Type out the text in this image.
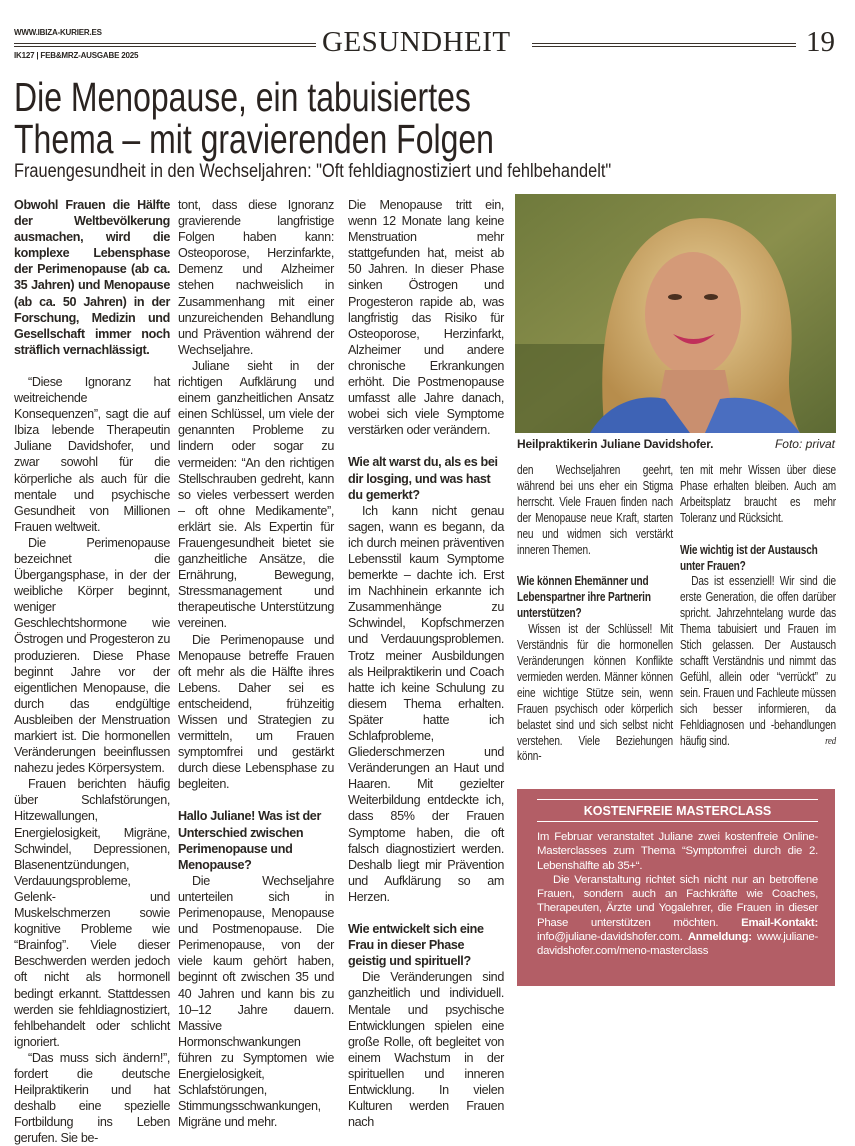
WWW.IBIZA-KURIER.ES
IK127 | FEB&MRZ-AUSGABE 2025	GESUNDHEIT	19
Die Menopause, ein tabuisiertes
Thema – mit gravierenden Folgen
Frauengesundheit in den Wechseljahren: "Oft fehldiagnostiziert und fehlbehandelt"

Obwohl Frauen die Hälfte der Weltbevölkerung ausmachen, wird die komplexe Lebensphase der Perimenopause (ab ca. 35 Jahren) und Menopause (ab ca. 50 Jahren) in der Forschung, Medizin und Gesellschaft immer noch sträflich vernachlässigt.

“Diese Ignoranz hat weitreichende Konsequenzen”, sagt die auf Ibiza lebende Therapeutin Juliane Davidshofer, und zwar sowohl für die körperliche als auch für die mentale und psychische Gesundheit von Millionen Frauen weltweit.

Die Perimenopause bezeichnet die Übergangsphase, in der der weibliche Körper beginnt, weniger Geschlechtshormone wie Östrogen und Progesteron zu produzieren. Diese Phase beginnt Jahre vor der eigentlichen Menopause, die durch das endgültige Ausbleiben der Menstruation markiert ist. Die hormonellen Veränderungen beeinflussen nahezu jedes Körpersystem.

Frauen berichten häufig über Schlafstörungen, Hitzewallungen, Energielosigkeit, Migräne, Schwindel, Depressionen, Blasenentzündungen, Verdauungsprobleme, Gelenk- und Muskelschmerzen sowie kognitive Probleme wie “Brainfog”. Viele dieser Beschwerden werden jedoch oft nicht als hormonell bedingt erkannt. Stattdessen werden sie fehldiagnostiziert, fehlbehandelt oder schlicht ignoriert.

“Das muss sich ändern!”, fordert die deutsche Heilpraktikerin und hat deshalb eine spezielle Fortbildung ins Leben gerufen. Sie be-

tont, dass diese Ignoranz gravierende langfristige Folgen haben kann: Osteoporose, Herzinfarkte, Demenz und Alzheimer stehen nachweislich in Zusammenhang mit einer unzureichenden Behandlung und Prävention während der Wechseljahre.

Juliane sieht in der richtigen Aufklärung und einem ganzheitlichen Ansatz einen Schlüssel, um viele der genannten Probleme zu lindern oder sogar zu vermeiden: “An den richtigen Stellschrauben gedreht, kann so vieles verbessert werden – oft ohne Medikamente”, erklärt sie. Als Expertin für Frauengesundheit bietet sie ganzheitliche Ansätze, die Ernährung, Bewegung, Stressmanagement und therapeutische Unterstützung vereinen.

Die Perimenopause und Menopause betreffe Frauen oft mehr als die Hälfte ihres Lebens. Daher sei es entscheidend, frühzeitig Wissen und Strategien zu vermitteln, um Frauen symptomfrei und gestärkt durch diese Lebensphase zu begleiten.

Hallo Juliane! Was ist der Unterschied zwischen Perimenopause und Menopause?

Die Wechseljahre unterteilen sich in Perimenopause, Menopause und Postmenopause. Die Perimenopause, von der viele kaum gehört haben, beginnt oft zwischen 35 und 40 Jahren und kann bis zu 10–12 Jahre dauern. Massive Hormonschwankungen führen zu Symptomen wie Energielosigkeit, Schlafstörungen, Stimmungsschwankungen, Migräne und mehr.

Die Menopause tritt ein, wenn 12 Monate lang keine Menstruation mehr stattgefunden hat, meist ab 50 Jahren. In dieser Phase sinken Östrogen und Progesteron rapide ab, was langfristig das Risiko für Osteoporose, Herzinfarkt, Alzheimer und andere chronische Erkrankungen erhöht. Die Postmenopause umfasst alle Jahre danach, wobei sich viele Symptome verstärken oder verändern.

Wie alt warst du, als es bei dir losging, und was hast du gemerkt?

Ich kann nicht genau sagen, wann es begann, da ich durch meinen präventiven Lebensstil kaum Symptome bemerkte – dachte ich. Erst im Nachhinein erkannte ich Zusammenhänge zu Schwindel, Kopfschmerzen und Verdauungsproblemen. Trotz meiner Ausbildungen als Heilpraktikerin und Coach hatte ich keine Schulung zu diesem Thema erhalten. Später hatte ich Schlafprobleme, Gliederschmerzen und Veränderungen an Haut und Haaren. Mit gezielter Weiterbildung entdeckte ich, dass 85% der Frauen Symptome haben, die oft falsch diagnostiziert werden. Deshalb liegt mir Prävention und Aufklärung so am Herzen.

Wie entwickelt sich eine Frau in dieser Phase geistig und spirituell?

Die Veränderungen sind ganzheitlich und individuell. Mentale und psychische Entwicklungen spielen eine große Rolle, oft begleitet von einem Wachstum in der spirituellen und inneren Entwicklung. In vielen Kulturen werden Frauen nach

Heilpraktikerin Juliane Davidshofer.	Foto: privat

den Wechseljahren geehrt, während bei uns eher ein Stigma herrscht. Viele Frauen finden nach der Menopause neue Kraft, starten neu und widmen sich verstärkt inneren Themen.

Wie können Ehemänner und Lebenspartner ihre Partnerin unterstützen?

Wissen ist der Schlüssel! Mit Verständnis für die hormonellen Veränderungen können Konflikte vermieden werden. Männer können eine wichtige Stütze sein, wenn Frauen psychisch oder körperlich belastet sind und sich selbst nicht verstehen. Viele Beziehungen könn-

ten mit mehr Wissen über diese Phase erhalten bleiben. Auch am Arbeitsplatz braucht es mehr Toleranz und Rücksicht.

Wie wichtig ist der Austausch unter Frauen?

Das ist essenziell! Wir sind die erste Generation, die offen darüber spricht. Jahrzehntelang wurde das Thema tabuisiert und Frauen im Stich gelassen. Der Austausch schafft Verständnis und nimmt das Gefühl, allein oder “verrückt” zu sein. Frauen und Fachleute müssen sich besser informieren, da Fehldiagnosen und -behandlungen häufig sind.	red

KOSTENFREIE MASTERCLASS

Im Februar veranstaltet Juliane zwei kostenfreie Online-Masterclasses zum Thema “Symptomfrei durch die 2. Lebenshälfte ab 35+“.

Die Veranstaltung richtet sich nicht nur an betroffene Frauen, sondern auch an Fachkräfte wie Coaches, Therapeuten, Ärzte und Yogalehrer, die Frauen in dieser Phase unterstützen möchten. Email-Kontakt: info@juliane-davidshofer.com. Anmeldung: www.juliane-davidshofer.com/meno-masterclass
